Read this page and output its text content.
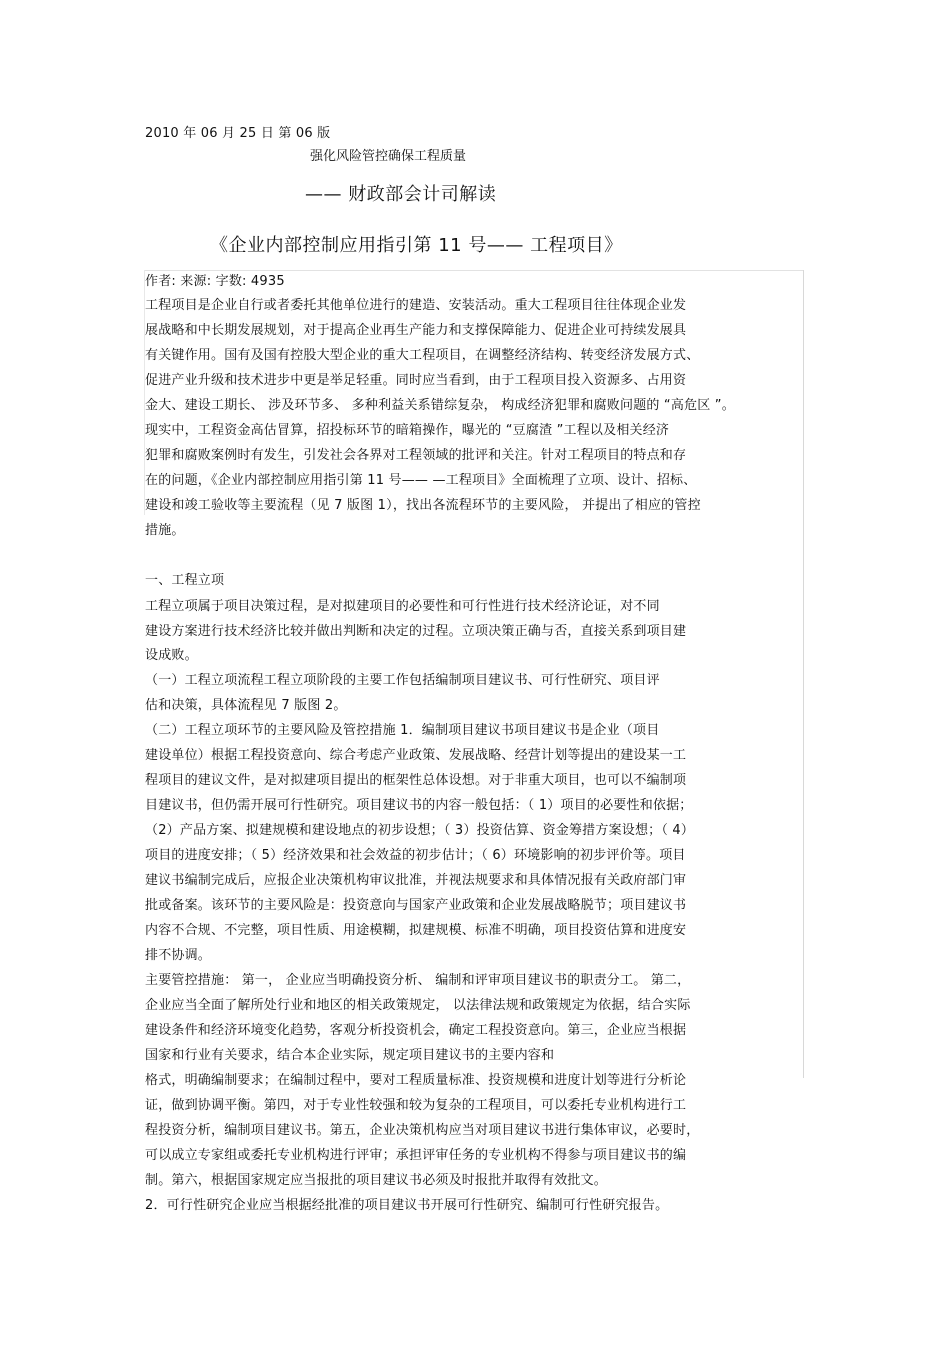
2010 年 06 月 25 日 第 06 版
强化风险管控确保工程质量
—— 财政部会计司解读
《企业内部控制应用指引第 11 号—— 工程项目》
作者: 来源: 字数: 4935
工程项目是企业自行或者委托其他单位进行的建造、安装活动。重大工程项目往往体现企业发
展战略和中长期发展规划，对于提高企业再生产能力和支撑保障能力、促进企业可持续发展具
有关键作用。国有及国有控股大型企业的重大工程项目，在调整经济结构、转变经济发展方式、
促进产业升级和技术进步中更是举足轻重。同时应当看到，由于工程项目投入资源多、占用资
金大、建设工期长、 涉及环节多、 多种利益关系错综复杂， 构成经济犯罪和腐败问题的 “高危区 ”。
现实中，工程资金高估冒算，招投标环节的暗箱操作，曝光的 “豆腐渣 ”工程以及相关经济
犯罪和腐败案例时有发生，引发社会各界对工程领域的批评和关注。针对工程项目的特点和存
在的问题，《企业内部控制应用指引第 11 号—— —工程项目》全面梳理了立项、设计、招标、
建设和竣工验收等主要流程（见 7 版图 1），找出各流程环节的主要风险， 并提出了相应的管控
措施。
一、工程立项
工程立项属于项目决策过程，是对拟建项目的必要性和可行性进行技术经济论证，对不同
建设方案进行技术经济比较并做出判断和决定的过程。立项决策正确与否，直接关系到项目建
设成败。
（一）工程立项流程工程立项阶段的主要工作包括编制项目建议书、可行性研究、项目评
估和决策，具体流程见 7 版图 2。
（二）工程立项环节的主要风险及管控措施 1．编制项目建议书项目建议书是企业（项目
建设单位）根据工程投资意向、综合考虑产业政策、发展战略、经营计划等提出的建设某一工
程项目的建议文件，是对拟建项目提出的框架性总体设想。对于非重大项目，也可以不编制项
目建议书，但仍需开展可行性研究。项目建议书的内容一般包括：（ 1）项目的必要性和依据；
（2）产品方案、拟建规模和建设地点的初步设想；（ 3）投资估算、资金筹措方案设想；（ 4）
项目的进度安排；（ 5）经济效果和社会效益的初步估计；（ 6）环境影响的初步评价等。项目
建议书编制完成后，应报企业决策机构审议批准，并视法规要求和具体情况报有关政府部门审
批或备案。该环节的主要风险是：投资意向与国家产业政策和企业发展战略脱节；项目建议书
内容不合规、不完整，项目性质、用途模糊，拟建规模、标准不明确，项目投资估算和进度安
排不协调。
主要管控措施： 第一， 企业应当明确投资分析、 编制和评审项目建议书的职责分工。 第二，
企业应当全面了解所处行业和地区的相关政策规定， 以法律法规和政策规定为依据，结合实际
建设条件和经济环境变化趋势，客观分析投资机会，确定工程投资意向。第三，企业应当根据
国家和行业有关要求，结合本企业实际，规定项目建议书的主要内容和
格式，明确编制要求；在编制过程中，要对工程质量标准、投资规模和进度计划等进行分析论
证，做到协调平衡。第四，对于专业性较强和较为复杂的工程项目，可以委托专业机构进行工
程投资分析，编制项目建议书。第五，企业决策机构应当对项目建议书进行集体审议，必要时，
可以成立专家组或委托专业机构进行评审；承担评审任务的专业机构不得参与项目建议书的编
制。第六，根据国家规定应当报批的项目建议书必须及时报批并取得有效批文。
2．可行性研究企业应当根据经批准的项目建议书开展可行性研究、编制可行性研究报告。
